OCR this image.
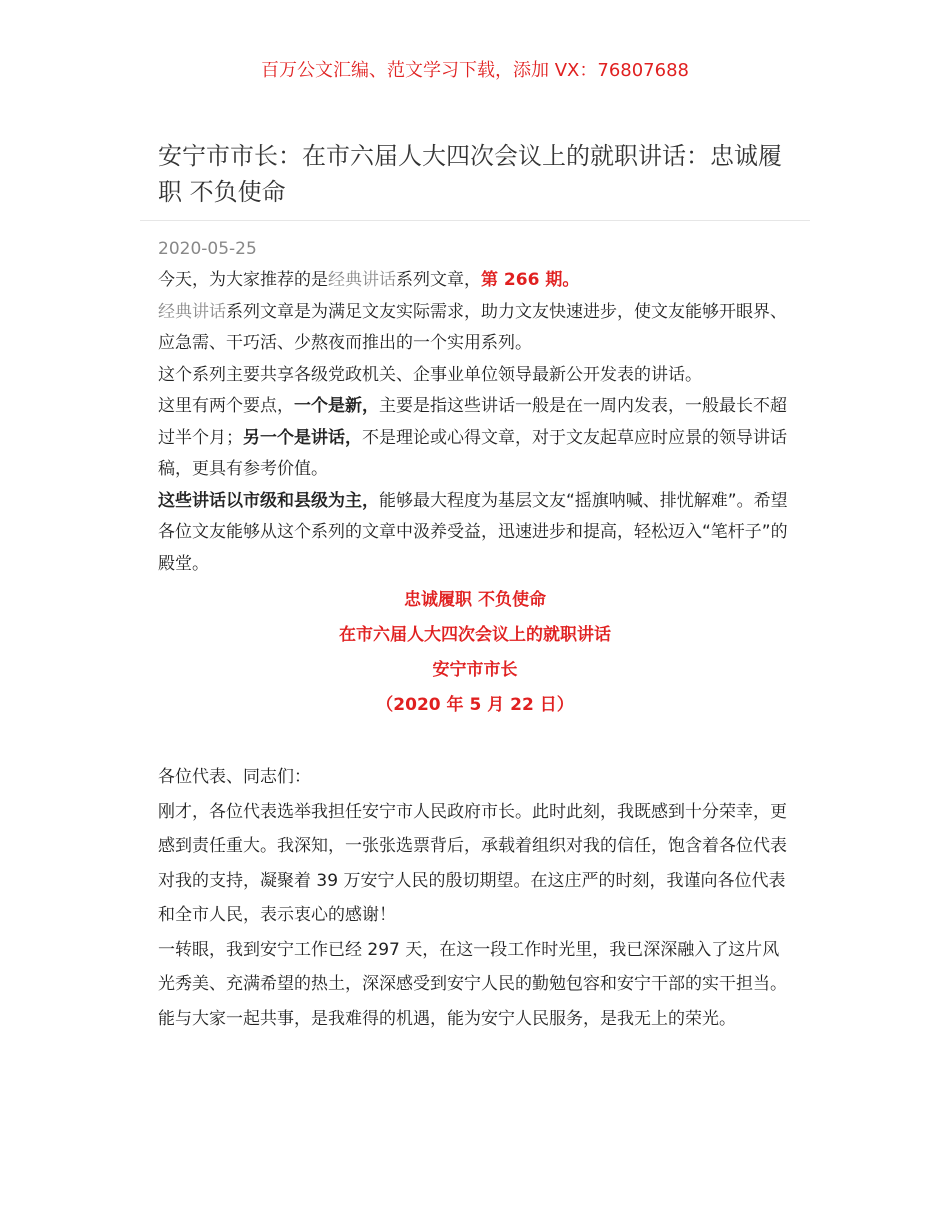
百万公文汇编、范文学习下载，添加 VX：76807688
安宁市市长：在市六届人大四次会议上的就职讲话：忠诚履职 不负使命
2020-05-25

今天，为大家推荐的是经典讲话系列文章，第 266 期。

经典讲话系列文章是为满足文友实际需求，助力文友快速进步，使文友能够开眼界、应急需、干巧活、少熬夜而推出的一个实用系列。

这个系列主要共享各级党政机关、企事业单位领导最新公开发表的讲话。

这里有两个要点，一个是新，主要是指这些讲话一般是在一周内发表，一般最长不超过半个月；另一个是讲话，不是理论或心得文章，对于文友起草应时应景的领导讲话稿，更具有参考价值。

这些讲话以市级和县级为主，能够最大程度为基层文友“摇旗呐喊、排忧解难”。希望各位文友能够从这个系列的文章中汲养受益，迅速进步和提高，轻松迈入“笔杆子”的殿堂。

忠诚履职 不负使命
在市六届人大四次会议上的就职讲话
安宁市市长
（2020 年 5 月 22 日）

各位代表、同志们：

刚才，各位代表选举我担任安宁市人民政府市长。此时此刻，我既感到十分荣幸，更感到责任重大。我深知，一张张选票背后，承载着组织对我的信任，饱含着各位代表对我的支持，凝聚着 39 万安宁人民的殷切期望。在这庄严的时刻，我谨向各位代表和全市人民，表示衷心的感谢！

一转眼，我到安宁工作已经 297 天，在这一段工作时光里，我已深深融入了这片风光秀美、充满希望的热土，深深感受到安宁人民的勤勉包容和安宁干部的实干担当。能与大家一起共事，是我难得的机遇，能为安宁人民服务，是我无上的荣光。
